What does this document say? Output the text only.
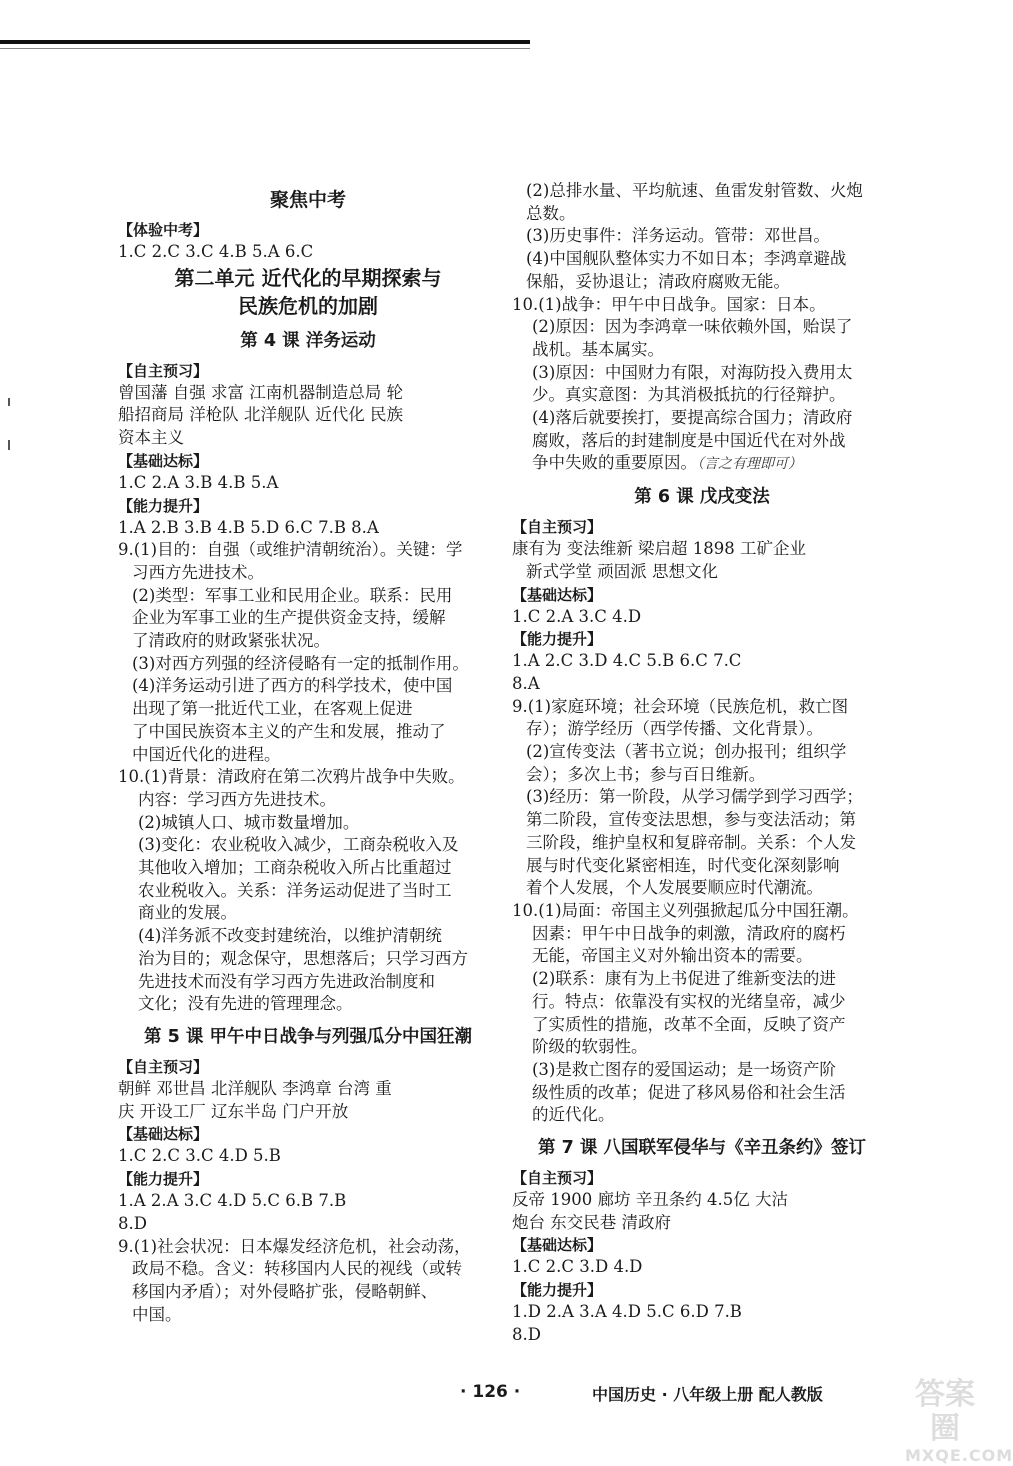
聚焦中考
【体验中考】
1.C 2.C 3.C 4.B 5.A 6.C
第二单元 近代化的早期探索与
民族危机的加剧
第 4 课 洋务运动
【自主预习】
曾国藩 自强 求富 江南机器制造总局 轮
船招商局 洋枪队 北洋舰队 近代化 民族
资本主义
【基础达标】
1.C 2.A 3.B 4.B 5.A
【能力提升】
1.A 2.B 3.B 4.B 5.D 6.C 7.B 8.A
9.(1)目的：自强（或维护清朝统治）。关键：学
习西方先进技术。
(2)类型：军事工业和民用企业。联系：民用
企业为军事工业的生产提供资金支持，缓解
了清政府的财政紧张状况。
(3)对西方列强的经济侵略有一定的抵制作用。
(4)洋务运动引进了西方的科学技术，使中国
出现了第一批近代工业，在客观上促进
了中国民族资本主义的产生和发展，推动了
中国近代化的进程。
10.(1)背景：清政府在第二次鸦片战争中失败。
内容：学习西方先进技术。
(2)城镇人口、城市数量增加。
(3)变化：农业税收入减少，工商杂税收入及
其他收入增加；工商杂税收入所占比重超过
农业税收入。关系：洋务运动促进了当时工
商业的发展。
(4)洋务派不改变封建统治，以维护清朝统
治为目的；观念保守，思想落后；只学习西方
先进技术而没有学习西方先进政治制度和
文化；没有先进的管理理念。
第 5 课 甲午中日战争与列强瓜分中国狂潮
【自主预习】
朝鲜 邓世昌 北洋舰队 李鸿章 台湾 重
庆 开设工厂 辽东半岛 门户开放
【基础达标】
1.C 2.C 3.C 4.D 5.B
【能力提升】
1.A 2.A 3.C 4.D 5.C 6.B 7.B
8.D
9.(1)社会状况：日本爆发经济危机，社会动荡，
政局不稳。含义：转移国内人民的视线（或转
移国内矛盾）；对外侵略扩张，侵略朝鲜、
中国。
(2)总排水量、平均航速、鱼雷发射管数、火炮
总数。
(3)历史事件：洋务运动。管带：邓世昌。
(4)中国舰队整体实力不如日本；李鸿章避战
保船，妥协退让；清政府腐败无能。
10.(1)战争：甲午中日战争。国家：日本。
(2)原因：因为李鸿章一味依赖外国，贻误了
战机。基本属实。
(3)原因：中国财力有限，对海防投入费用太
少。真实意图：为其消极抵抗的行径辩护。
(4)落后就要挨打，要提高综合国力；清政府
腐败，落后的封建制度是中国近代在对外战
争中失败的重要原因。（言之有理即可）
第 6 课 戊戌变法
【自主预习】
康有为 变法维新 梁启超 1898 工矿企业
新式学堂 顽固派 思想文化
【基础达标】
1.C 2.A 3.C 4.D
【能力提升】
1.A 2.C 3.D 4.C 5.B 6.C 7.C
8.A
9.(1)家庭环境；社会环境（民族危机，救亡图
存）；游学经历（西学传播、文化背景）。
(2)宣传变法（著书立说；创办报刊；组织学
会）；多次上书；参与百日维新。
(3)经历：第一阶段，从学习儒学到学习西学；
第二阶段，宣传变法思想，参与变法活动；第
三阶段，维护皇权和复辟帝制。关系：个人发
展与时代变化紧密相连，时代变化深刻影响
着个人发展，个人发展要顺应时代潮流。
10.(1)局面：帝国主义列强掀起瓜分中国狂潮。
因素：甲午中日战争的刺激，清政府的腐朽
无能，帝国主义对外输出资本的需要。
(2)联系：康有为上书促进了维新变法的进
行。特点：依靠没有实权的光绪皇帝，减少
了实质性的措施，改革不全面，反映了资产
阶级的软弱性。
(3)是救亡图存的爱国运动；是一场资产阶
级性质的改革；促进了移风易俗和社会生活
的近代化。
第 7 课 八国联军侵华与《辛丑条约》签订
【自主预习】
反帝 1900 廊坊 辛丑条约 4.5亿 大沽
炮台 东交民巷 清政府
【基础达标】
1.C 2.C 3.D 4.D
【能力提升】
1.D 2.A 3.A 4.D 5.C 6.D 7.B
8.D
· 126 ·	中国历史 · 八年级上册 配人教版	答案圈
MXQE.COM
